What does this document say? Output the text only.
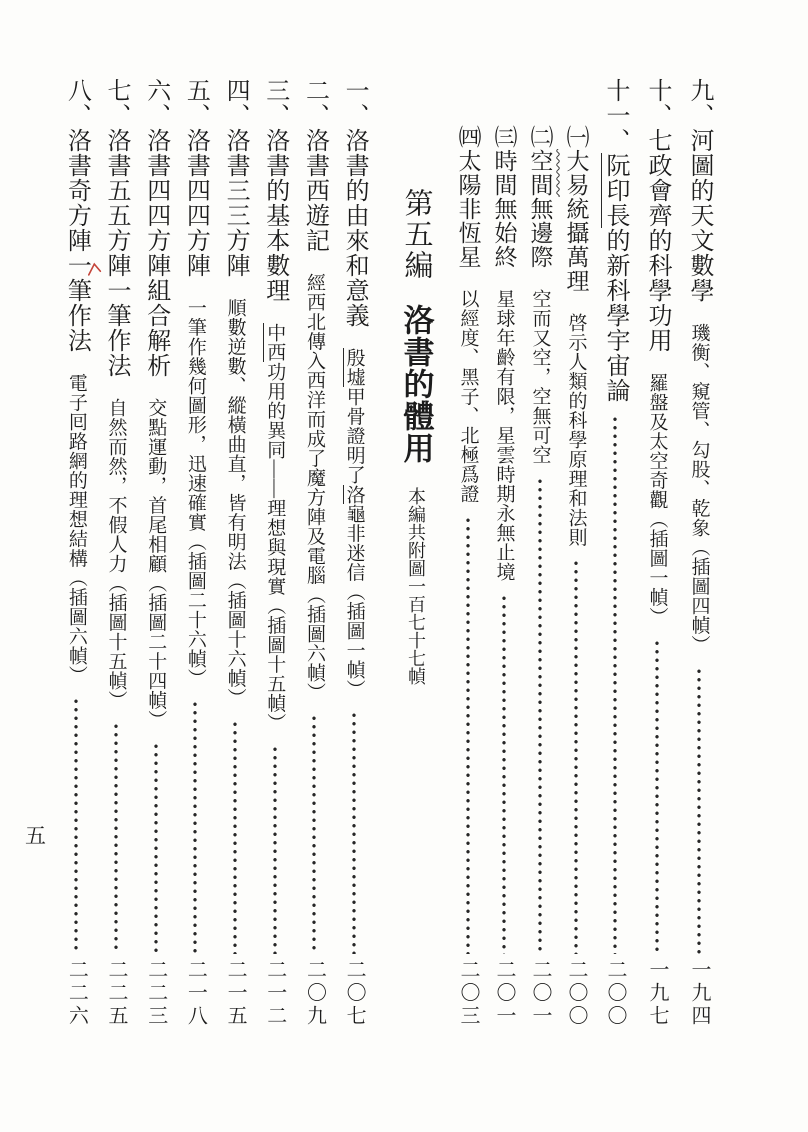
九、河圖的天文數學
璣衡、窺管、勾股、乾象（插圖四幀）
一九四
十、七政會齊的科學功用
羅盤及太空奇觀（插圖一幀）
一九七
十一、阮印長的新科學宇宙論
二〇〇
㈠大易統攝萬理
啓示人類的科學原理和法則
二〇〇
㈡空間無邊際
空而又空，空無可空
二〇一
㈢時間無始終
星球年齡有限，星雲時期永無止境
二〇一
㈣太陽非恆星
以經度、黑子、北極爲證
二〇三
第五編
洛書的體用
本編共附圖一百七十七幀
一、洛書的由來和意義
殷墟甲骨證明了洛龜非迷信（插圖一幀）
二〇七
二、洛書西遊記
經西北傳入西洋而成了魔方陣及電腦（插圖六幀）
二〇九
三、洛書的基本數理
中西功用的異同——理想與現實（插圖十五幀）
二一二
四、洛書三三方陣
順數逆數、縱橫曲直，皆有明法（插圖十六幀）
二一五
五、洛書四四方陣
一筆作幾何圖形，迅速確實（插圖二十六幀）
二一八
六、洛書四四方陣組合解析
交點運動，首尾相顧（插圖二十四幀）
二二三
七、洛書五五方陣一筆作法
自然而然，不假人力（插圖十五幀）
二二五
八、洛書奇方陣一筆作法
電子囘路網的理想結構（插圖六幀）
二二六
五
